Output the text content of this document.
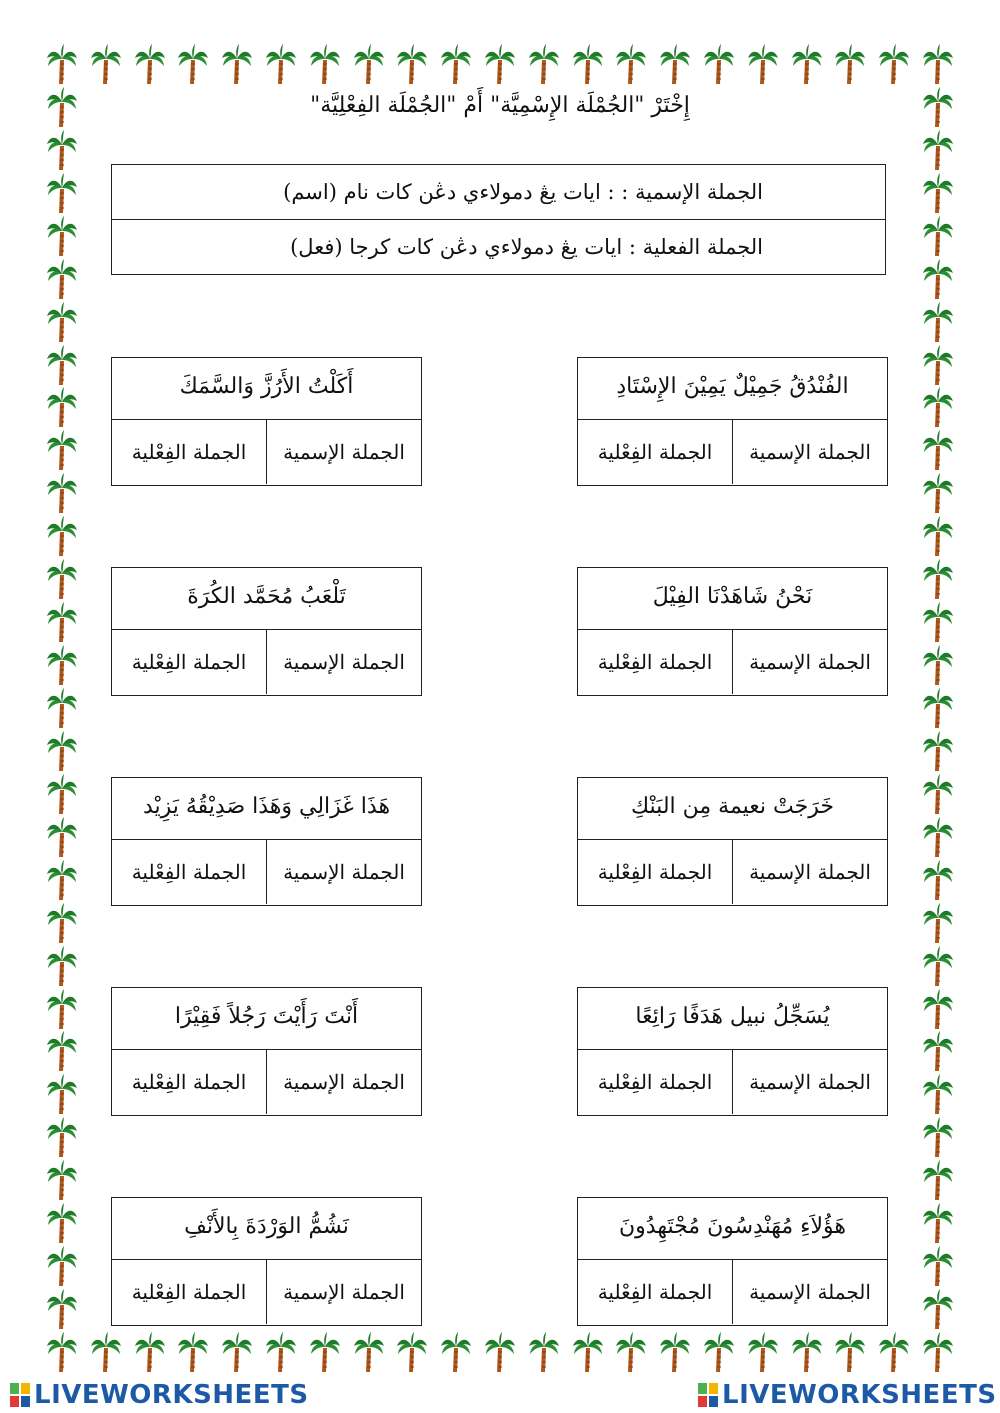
إِخْتَرْ "الجُمْلَة الإِسْمِيَّة" أَمْ "الجُمْلَة الفِعْلِيَّة"
الجملة الإسمية : : ايات يڠ دمولاءي دڠن كات نام (اسم)
الجملة الفعلية : ايات يڠ دمولاءي دڠن كات كرجا (فعل)
الفُنْدُقُ جَمِيْلٌ يَمِيْنَ الإِسْتَادِ
الجملة الإسمية
الجملة الفِعْلية
أَكَلْتُ الأَرُزَّ وَالسَّمَكَ
الجملة الإسمية
الجملة الفِعْلية
نَحْنُ شَاهَدْنَا الفِيْلَ
الجملة الإسمية
الجملة الفِعْلية
تَلْعَبُ مُحَمَّد الكُرَةَ
الجملة الإسمية
الجملة الفِعْلية
خَرَجَتْ نعيمة مِن البَنْكِ
الجملة الإسمية
الجملة الفِعْلية
هَذَا غَزَالِي وَهَذَا صَدِيْقُهُ يَزِيْد
الجملة الإسمية
الجملة الفِعْلية
يُسَجِّلُ نبيل هَدَفًا رَائِعًا
الجملة الإسمية
الجملة الفِعْلية
أَنْتَ رَأَيْتَ رَجُلاً فَقِيْرًا
الجملة الإسمية
الجملة الفِعْلية
هَؤُلاَءِ مُهَنْدِسُونَ مُجْتَهِدُونَ
الجملة الإسمية
الجملة الفِعْلية
نَشُمُّ الوَرْدَةَ بِالأَنْفِ
الجملة الإسمية
الجملة الفِعْلية
LIVEWORKSHEETS	LIVEWORKSHEETS
